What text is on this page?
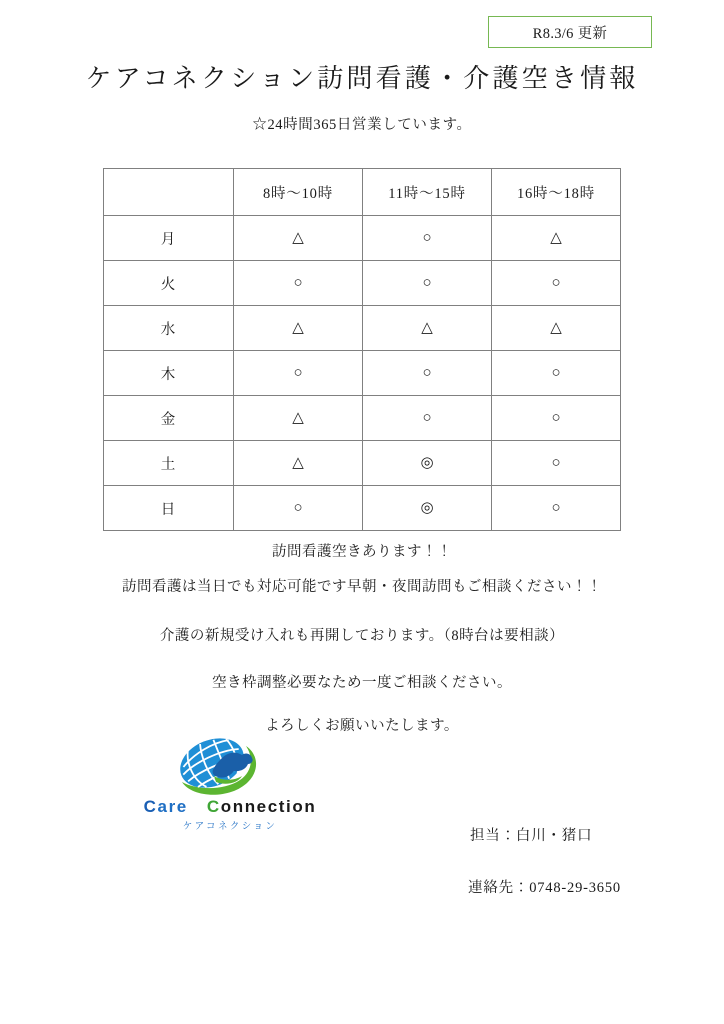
R8.3/6 更新
ケアコネクション訪問看護・介護空き情報
☆24時間365日営業しています。
	8時～10時	11時～15時	16時～18時
月	△	○	△
火	○	○	○
水	△	△	△
木	○	○	○
金	△	○	○
土	△	◎	○
日	○	◎	○
訪問看護空きあります！！
訪問看護は当日でも対応可能です早朝・夜間訪問もご相談ください！！
介護の新規受け入れも再開しております。（8時台は要相談）
空き枠調整必要なため一度ご相談ください。
よろしくお願いいたします。
Care Connection
ケアコネクション
担当：白川・猪口
連絡先：0748-29-3650
